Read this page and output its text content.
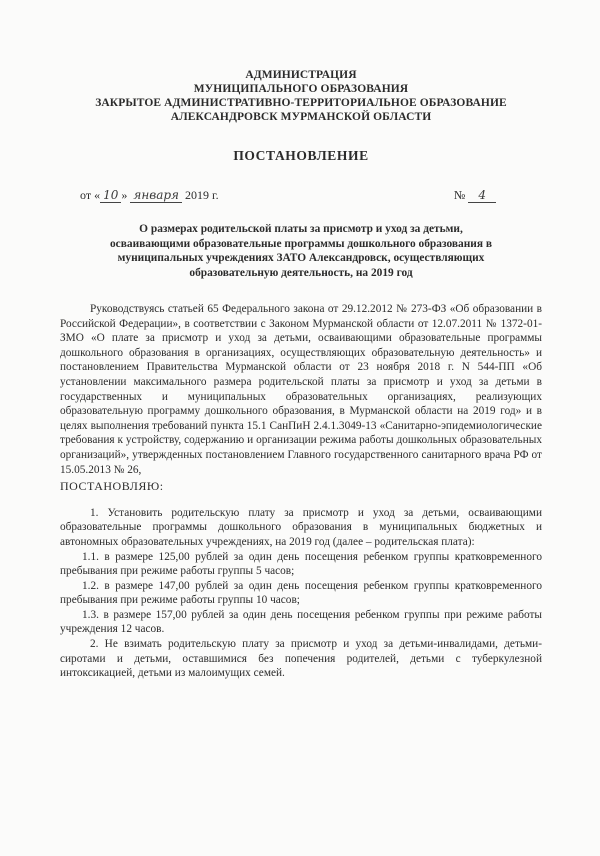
АДМИНИСТРАЦИЯ
МУНИЦИПАЛЬНОГО ОБРАЗОВАНИЯ
ЗАКРЫТОЕ АДМИНИСТРАТИВНО-ТЕРРИТОРИАЛЬНОЕ ОБРАЗОВАНИЕ
АЛЕКСАНДРОВСК МУРМАНСКОЙ ОБЛАСТИ
ПОСТАНОВЛЕНИЕ
от « 10 » января 2019 г.	№ 4
О размерах родительской платы за присмотр и уход за детьми,
осваивающими образовательные программы дошкольного образования в
муниципальных учреждениях ЗАТО Александровск, осуществляющих
образовательную деятельность, на 2019 год

Руководствуясь статьей 65 Федерального закона от 29.12.2012 № 273-ФЗ «Об образовании в Российской Федерации», в соответствии с Законом Мурманской области от 12.07.2011 № 1372-01-ЗМО «О плате за присмотр и уход за детьми, осваивающими образовательные программы дошкольного образования в организациях, осуществляющих образовательную деятельность» и постановлением Правительства Мурманской области от 23 ноября 2018 г. N 544-ПП «Об установлении максимального размера родительской платы за присмотр и уход за детьми в государственных и муниципальных образовательных организациях, реализующих образовательную программу дошкольного образования, в Мурманской области на 2019 год» и в целях выполнения требований пункта 15.1 СанПиН 2.4.1.3049-13 «Санитарно-эпидемиологические требования к устройству, содержанию и организации режима работы дошкольных образовательных организаций», утвержденных постановлением Главного государственного санитарного врача РФ от 15.05.2013 № 26,

ПОСТАНОВЛЯЮ:

1. Установить родительскую плату за присмотр и уход за детьми, осваивающими образовательные программы дошкольного образования в муниципальных бюджетных и автономных образовательных учреждениях, на 2019 год (далее – родительская плата):

1.1. в размере 125,00 рублей за один день посещения ребенком группы кратковременного пребывания при режиме работы группы 5 часов;

1.2. в размере 147,00 рублей за один день посещения ребенком группы кратковременного пребывания при режиме работы группы 10 часов;

1.3. в размере 157,00 рублей за один день посещения ребенком группы при режиме работы учреждения 12 часов.

2. Не взимать родительскую плату за присмотр и уход за детьми-инвалидами, детьми-сиротами и детьми, оставшимися без попечения родителей, детьми с туберкулезной интоксикацией, детьми из малоимущих семей.
